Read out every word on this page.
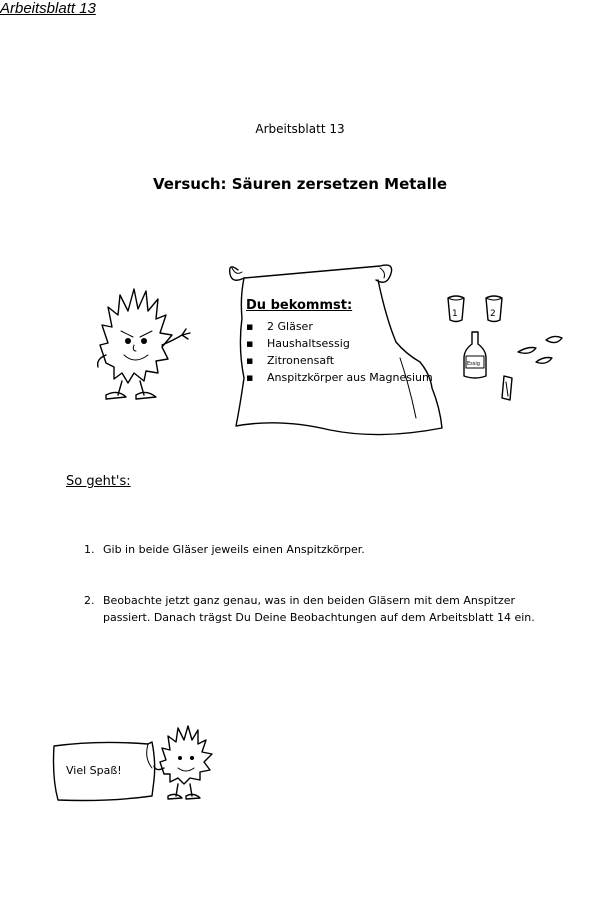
Arbeitsblatt 13
Arbeitsblatt 13
Versuch: Säuren zersetzen Metalle
Du bekommst:
▪ 2 Gläser
▪ Haushaltsessig
▪ Zitronensaft
▪ Anspitzkörper aus Magnesium
1	2
Essig
So geht's:
1. Gib in beide Gläser jeweils einen Anspitzkörper.
2. Beobachte jetzt ganz genau, was in den beiden Gläsern mit dem Anspitzer passiert. Danach trägst Du Deine Beobachtungen auf dem Arbeitsblatt 14 ein.
Viel Spaß!
